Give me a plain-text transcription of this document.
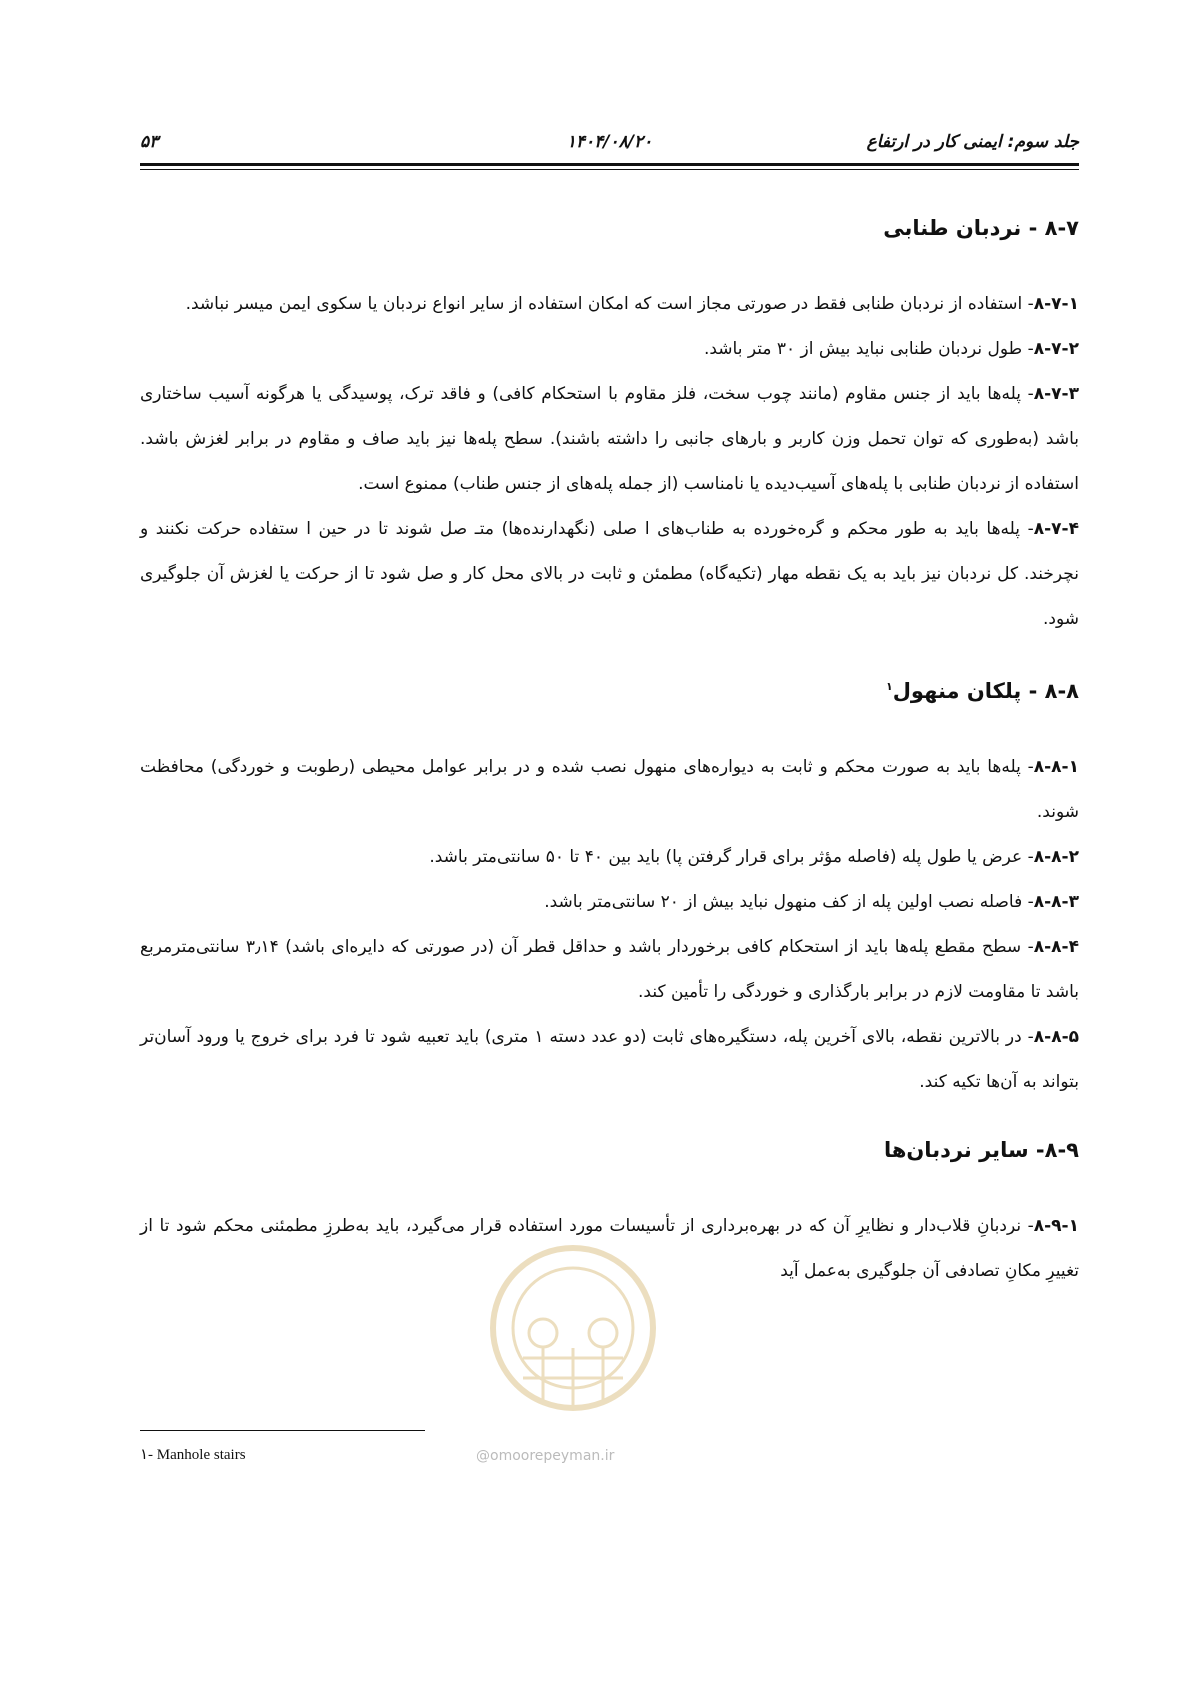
جلد سوم: ایمنی کار در ارتفاع
۱۴۰۴/۰۸/۲۰
۵۳
۸-۷ - نردبان طنابی

۸-۷-۱- استفاده از نردبان طنابی فقط در صورتی مجاز است که امکان استفاده از سایر انواع نردبان یا سکوی ایمن میسر نباشد.

۸-۷-۲- طول نردبان طنابی نباید بیش از ۳۰ متر باشد.

۸-۷-۳- پله‌ها باید از جنس مقاوم (مانند چوب سخت، فلز مقاوم با استحکام کافی) و فاقد ترک، پوسیدگی یا هرگونه آسیب ساختاری باشد (به‌طوری که توان تحمل وزن کاربر و بارهای جانبی را داشته باشند). سطح پله‌ها نیز باید صاف و مقاوم در برابر لغزش باشد. استفاده از نردبان طنابی با پله‌های آسیب‌دیده یا نامناسب (از جمله پله‌های از جنس طناب) ممنوع است.

۸-۷-۴- پله‌ها باید به طور محکم و گره‌خورده به طناب‌های ا صلی (نگهدارنده‌ها) متـ صل شوند تا در حین ا ستفاده حرکت نکنند و نچرخند. کل نردبان نیز باید به یک نقطه مهار (تکیه‌گاه) مطمئن و ثابت در بالای محل کار و صل شود تا از حرکت یا لغزش آن جلوگیری شود.

۸-۸ - پلکان منهول$^۱$

۸-۸-۱- پله‌ها باید به صورت محکم و ثابت به دیواره‌های منهول نصب شده و در برابر عوامل محیطی (رطوبت و خوردگی) محافظت شوند.

۸-۸-۲- عرض یا طول پله (فاصله مؤثر برای قرار گرفتن پا) باید بین ۴۰ تا ۵۰ سانتی‌متر باشد.

۸-۸-۳- فاصله نصب اولین پله از کف منهول نباید بیش از ۲۰ سانتی‌متر باشد.

۸-۸-۴- سطح مقطع پله‌ها باید از استحکام کافی برخوردار باشد و حداقل قطر آن (در صورتی که دایره‌ای باشد) ۳٫۱۴ سانتی‌مترمربع باشد تا مقاومت لازم در برابر بارگذاری و خوردگی را تأمین کند.

۸-۸-۵- در بالاترین نقطه، بالای آخرین پله، دستگیره‌های ثابت (دو عدد دسته ۱ متری) باید تعبیه شود تا فرد برای خروج یا ورود آسان‌تر بتواند به آن‌ها تکیه کند.

۸-۹- سایر نردبان‌ها

۸-۹-۱- نردبانِ قلاب‌دار و نظایرِ آن که در بهره‌برداری از تأسیسات مورد استفاده قرار می‌گیرد، باید به‌طرزِ مطمئنی محکم شود تا از تغییرِ مکانِ تصادفی آن جلوگیری به‌عمل آید

@omoorepeyman.ir
۱- Manhole stairs
